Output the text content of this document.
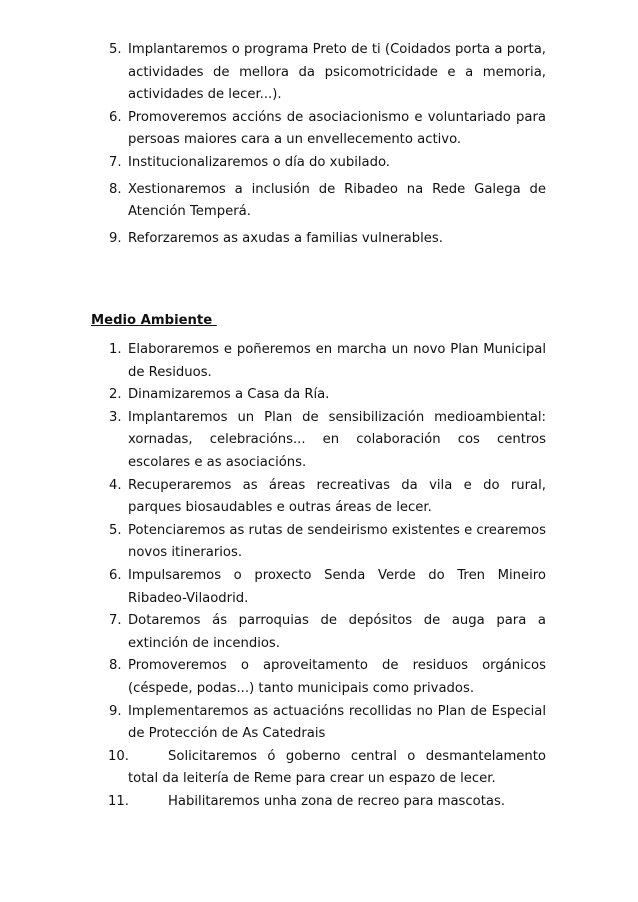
5. Implantaremos o programa Preto de ti (Coidados porta a porta, actividades de mellora da psicomotricidade e a memoria, actividades de lecer...).
6. Promoveremos accións de asociacionismo e voluntariado para persoas maiores cara a un envellecemento activo.
7. Institucionalizaremos o día do xubilado.
8. Xestionaremos a inclusión de Ribadeo na Rede Galega de Atención Temperá.
9. Reforzaremos as axudas a familias vulnerables.
Medio Ambiente
1. Elaboraremos e poñeremos en marcha un novo Plan Municipal de Residuos.
2. Dinamizaremos a Casa da Ría.
3. Implantaremos un Plan de sensibilización medioambiental: xornadas, celebracións... en colaboración cos centros escolares e as asociacións.
4. Recuperaremos as áreas recreativas da vila e do rural, parques biosaudables e outras áreas de lecer.
5. Potenciaremos as rutas de sendeirismo existentes e crearemos novos itinerarios.
6. Impulsaremos o proxecto Senda Verde do Tren Mineiro Ribadeo-Vilaodrid.
7. Dotaremos ás parroquias de depósitos de auga para a extinción de incendios.
8. Promoveremos o aproveitamento de residuos orgánicos (céspede, podas...) tanto municipais como privados.
9. Implementaremos as actuacións recollidas no Plan de Especial de Protección de As Catedrais
10.	Solicitaremos ó goberno central o desmantelamento total da leitería de Reme para crear un espazo de lecer.
11.	Habilitaremos unha zona de recreo para mascotas.
